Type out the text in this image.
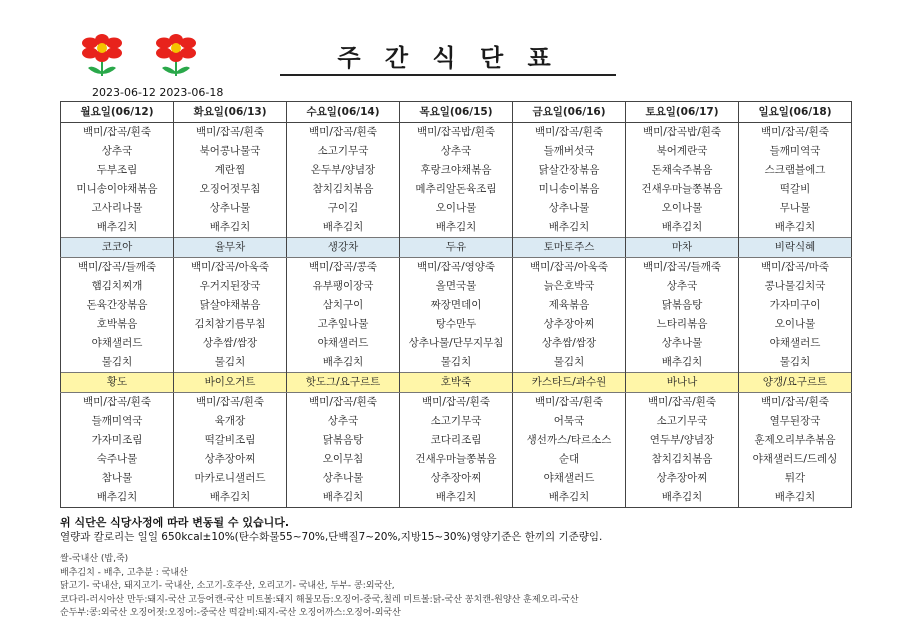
주 간 식 단 표
2023-06-12 2023-06-18
월요일(06/12)	화요일(06/13)	수요일(06/14)	목요일(06/15)	금요일(06/16)	토요일(06/17)	일요일(06/18)
백미/잡곡/흰죽	백미/잡곡/흰죽	백미/잡곡/흰죽	백미/잡곡밥/흰죽	백미/잡곡/흰죽	백미/잡곡밥/흰죽	백미/잡곡/흰죽
상추국	북어콩나물국	소고기무국	상추국	들깨버섯국	북어계란국	들깨미역국
두부조림	계란찜	온두부/양념장	후랑크야채볶음	닭살간장볶음	돈채숙주볶음	스크램블에그
미니송이야채볶음	오징어젓무침	참치김치볶음	메추리알돈육조림	미니송이볶음	건새우마늘쫑볶음	떡갈비
고사리나물	상추나물	구이김	오이나물	상추나물	오이나물	무나물
배추김치	배추김치	배추김치	배추김치	배추김치	배추김치	배추김치
코코아	율무차	생강차	두유	토마토주스	마차	비락식혜
백미/잡곡/들깨죽	백미/잡곡/아욱죽	백미/잡곡/콩죽	백미/잡곡/영양죽	백미/잡곡/아욱죽	백미/잡곡/들깨죽	백미/잡곡/마죽
햄김치찌개	우거지된장국	유부팽이장국	올면국물	늙은호박국	상추국	콩나물김치국
돈육간장볶음	닭살야채볶음	삼치구이	짜장면데이	제육볶음	닭볶음탕	가자미구이
호박볶음	김치참기름무침	고추잎나물	탕수만두	상추장아찌	느타리볶음	오이나물
야채샐러드	상추쌈/쌈장	야채샐러드	상추나물/단무지무침	상추쌈/쌈장	상추나물	야채샐러드
물김치	물김치	배추김치	물김치	물김치	배추김치	물김치
황도	바이오거트	핫도그/요구르트	호박죽	카스타드/과수원	바나나	양갱/요구르트
백미/잡곡/흰죽	백미/잡곡/흰죽	백미/잡곡/흰죽	백미/잡곡/흰죽	백미/잡곡/흰죽	백미/잡곡/흰죽	백미/잡곡/흰죽
들깨미역국	육개장	상추국	소고기무국	어묵국	소고기무국	열무된장국
가자미조림	떡갈비조림	닭볶음탕	코다리조림	생선까스/타르소스	연두부/양념장	훈제오리부추볶음
숙주나물	상추장아찌	오이무침	건새우마늘쫑볶음	순대	참치김치볶음	야채샐러드/드레싱
참나물	마카로니샐러드	상추나물	상추장아찌	야채샐러드	상추장아찌	튀각
배추김치	배추김치	배추김치	배추김치	배추김치	배추김치	배추김치
위 식단은 식당사정에 따라 변동될 수 있습니다.
열량과 칼로리는 일일 650kcal±10%(탄수화물55~70%,단백질7~20%,지방15~30%)영양기준은 한끼의 기준량임.
쌀-국내산 (밥,죽)
배추김치 - 배추, 고추분 : 국내산
닭고기- 국내산, 돼지고기- 국내산, 소고기-호주산, 오리고기- 국내산, 두부- 콩:외국산,
코다리-러시아산 만두:돼지-국산 고등어캔-국산 미트볼:돼지 해물모듬:오징어-중국,칠레 미트볼:닭-국산 꽁치캔-원양산 훈제오리-국산
순두부:콩:외국산 오징어젓:오징어:-중국산 떡갈비:돼지-국산 오징어까스:오징어-외국산
